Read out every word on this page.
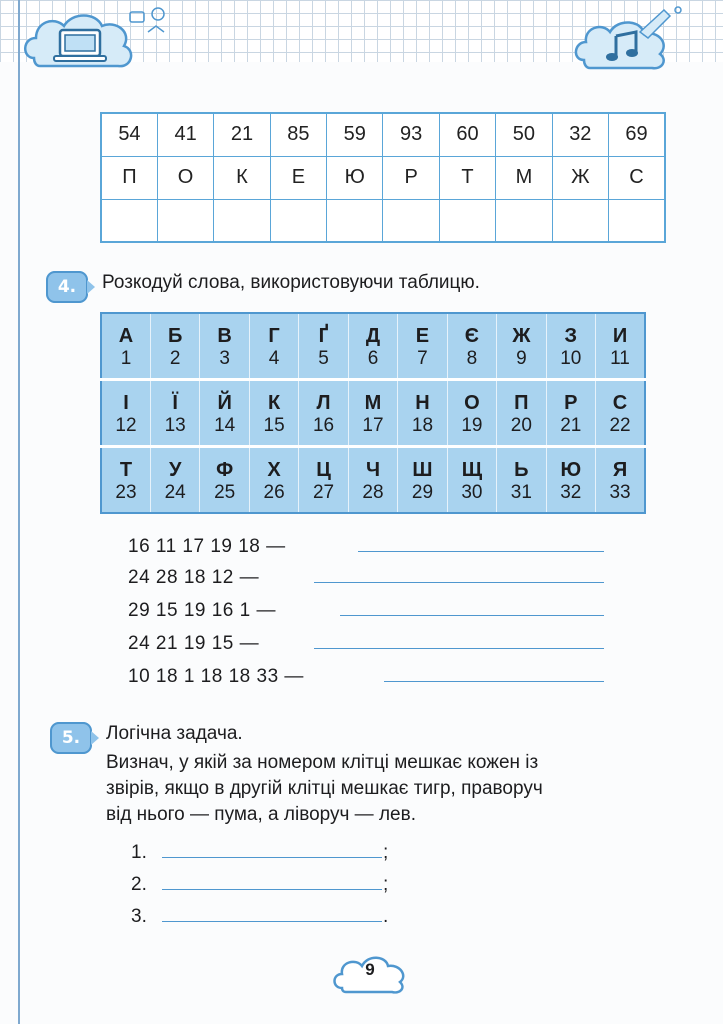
54	41	21	85	59	93	60	50	32	69
П	О	К	Е	Ю	Р	Т	М	Ж	С

4.	Розкодуй слова, використовуючи таблицю.
А	Б	В	Г	Ґ	Д	Е	Є	Ж	З	И
1	2	3	4	5	6	7	8	9	10	11
І	Ї	Й	К	Л	М	Н	О	П	Р	С
12	13	14	15	16	17	18	19	20	21	22
Т	У	Ф	Х	Ц	Ч	Ш	Щ	Ь	Ю	Я
23	24	25	26	27	28	29	30	31	32	33
16 11 17 19 18 —
24 28 18 12 —
29 15 19 16 1 —
24 21 19 15 —
10 18 1 18 18 33 —
5.	Логічна задача.
Визнач, у якій за номером клітці мешкає кожен із
звірів, якщо в другій клітці мешкає тигр, праворуч
від нього — пума, а ліворуч — лев.
1.	;
2.	;
3.	.
9
